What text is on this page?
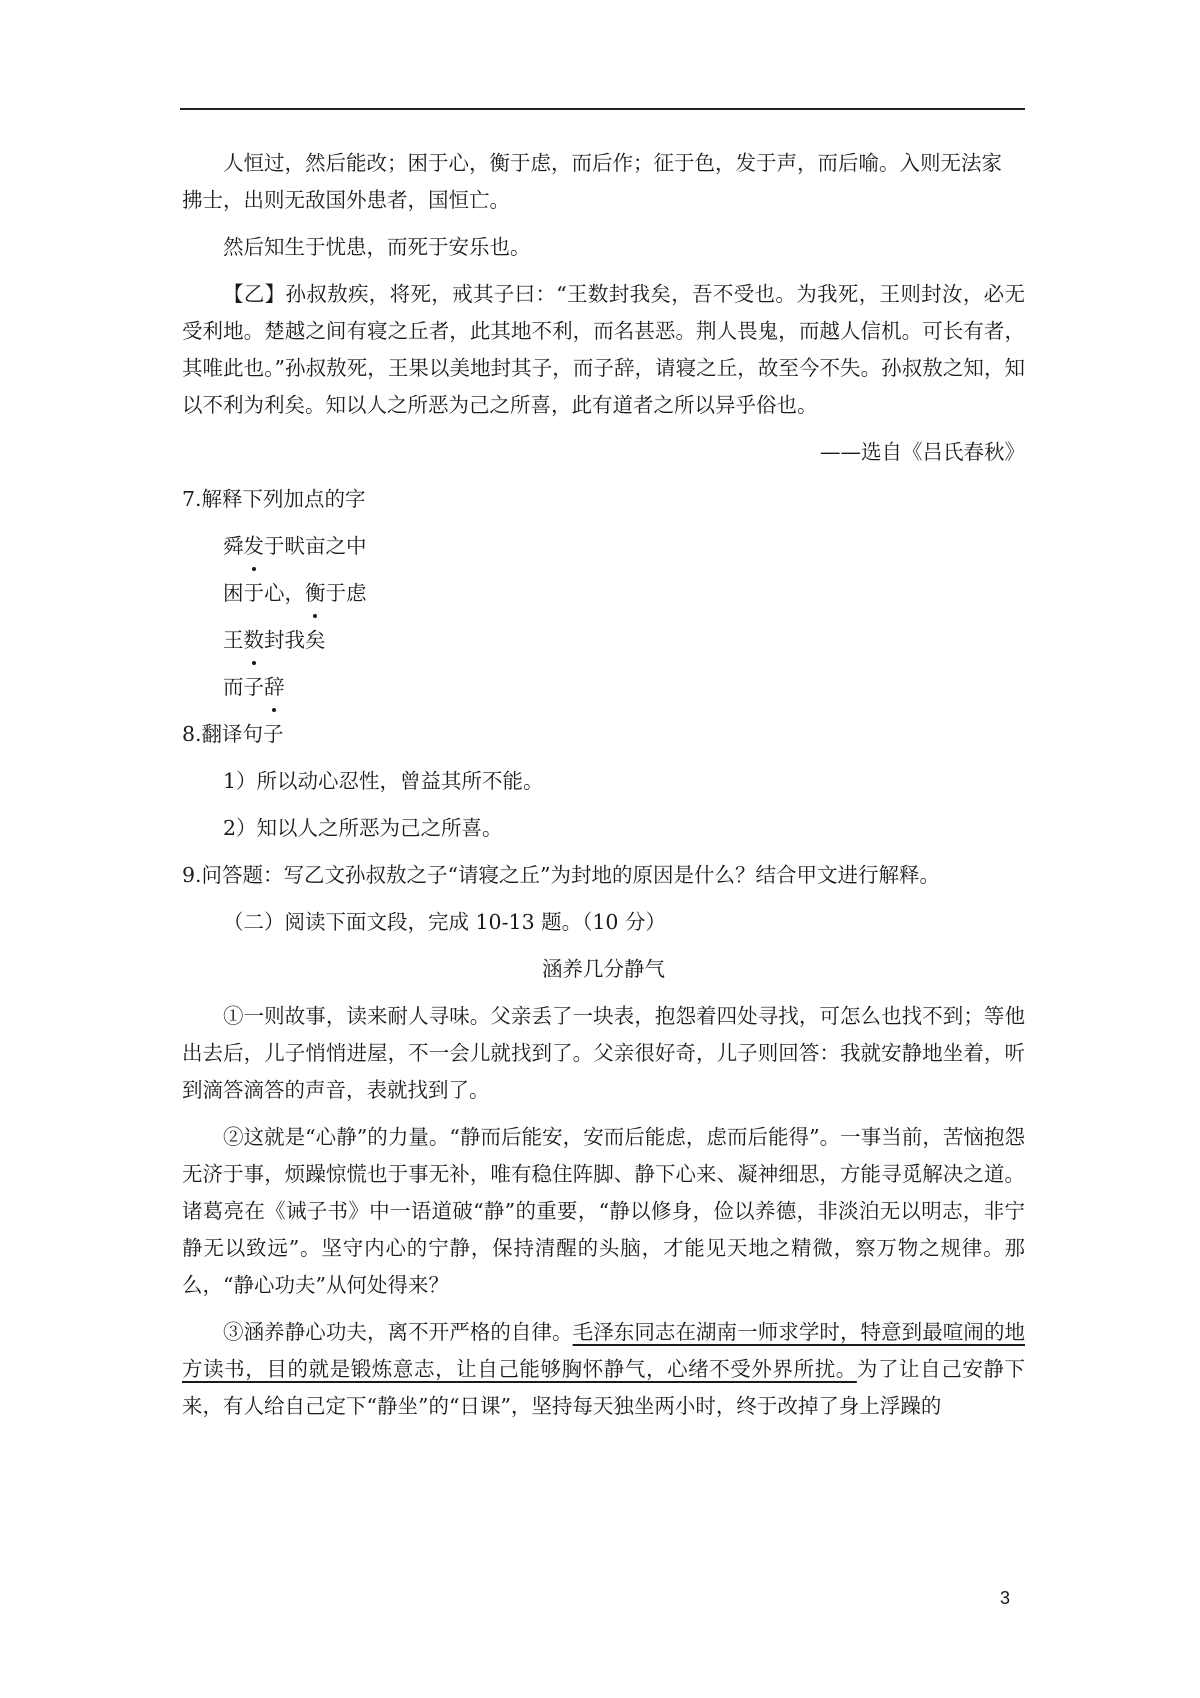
人恒过，然后能改；困于心，衡于虑，而后作；征于色，发于声，而后喻。入则无法家

拂士，出则无敌国外患者，国恒亡。

然后知生于忧患，而死于安乐也。

【乙】孙叔敖疾，将死，戒其子曰：“王数封我矣，吾不受也。为我死，王则封汝，必无受利地。楚越之间有寝之丘者，此其地不利，而名甚恶。荆人畏鬼，而越人信机。可长有者，其唯此也。”孙叔敖死，王果以美地封其子，而子辞，请寝之丘，故至今不失。孙叔敖之知，知以不利为利矣。知以人之所恶为己之所喜，此有道者之所以异乎俗也。

——选自《吕氏春秋》

7.解释下列加点的字

舜发于畎亩之中

困于心，衡于虑

王数封我矣

而子辞

8.翻译句子

1）所以动心忍性，曾益其所不能。

2）知以人之所恶为己之所喜。

9.问答题：写乙文孙叔敖之子“请寝之丘”为封地的原因是什么？结合甲文进行解释。

（二）阅读下面文段，完成 10-13 题。（10 分）

涵养几分静气

①一则故事，读来耐人寻味。父亲丢了一块表，抱怨着四处寻找，可怎么也找不到；等他出去后，儿子悄悄进屋，不一会儿就找到了。父亲很好奇，儿子则回答：我就安静地坐着，听到滴答滴答的声音，表就找到了。

②这就是“心静”的力量。“静而后能安，安而后能虑，虑而后能得”。一事当前，苦恼抱怨无济于事，烦躁惊慌也于事无补，唯有稳住阵脚、静下心来、凝神细思，方能寻觅解决之道。诸葛亮在《诫子书》中一语道破“静”的重要，“静以修身，俭以养德，非淡泊无以明志，非宁静无以致远”。坚守内心的宁静，保持清醒的头脑，才能见天地之精微，察万物之规律。那么，“静心功夫”从何处得来？

③涵养静心功夫，离不开严格的自律。毛泽东同志在湖南一师求学时，特意到最喧闹的地方读书，目的就是锻炼意志，让自己能够胸怀静气，心绪不受外界所扰。为了让自己安静下来，有人给自己定下“静坐”的“日课”，坚持每天独坐两小时，终于改掉了身上浮躁的

3
